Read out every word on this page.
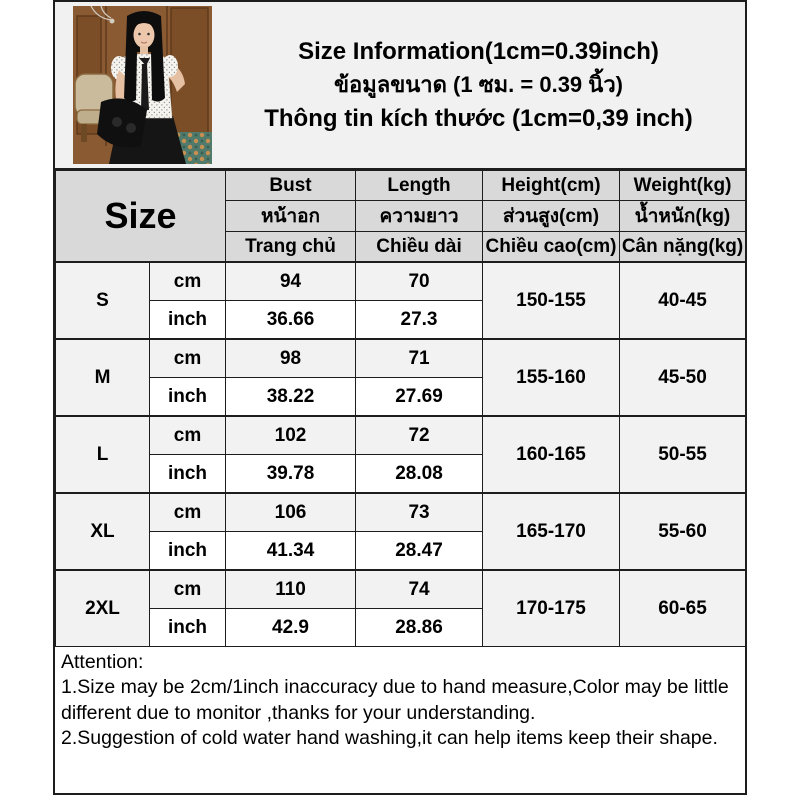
Size Information(1cm=0.39inch)
ข้อมูลขนาด (1 ซม. = 0.39 นิ้ว)
Thông tin kích thước (1cm=0,39 inch)
Size		Bust	Length	Height(cm)	Weight(kg)
		หน้าอก	ความยาว	ส่วนสูง(cm)	น้ำหนัก(kg)
		Trang chủ	Chiều dài	Chiều cao(cm)	Cân nặng(kg)
S	cm	94	70	150-155	40-45
	inch	36.66	27.3		
M	cm	98	71	155-160	45-50
	inch	38.22	27.69		
L	cm	102	72	160-165	50-55
	inch	39.78	28.08		
XL	cm	106	73	165-170	55-60
	inch	41.34	28.47		
2XL	cm	110	74	170-175	60-65
	inch	42.9	28.86		
Attention:
1.Size may be 2cm/1inch inaccuracy due to hand measure,Color may be little different due to monitor ,thanks for your understanding.
2.Suggestion of cold water hand washing,it can help items keep their shape.
